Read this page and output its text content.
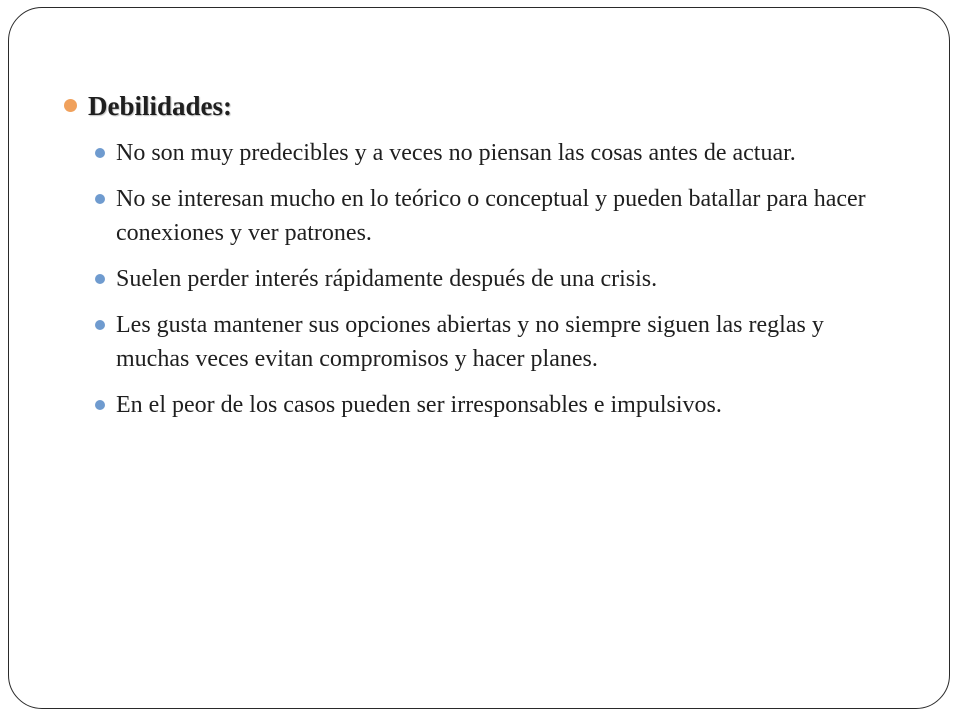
Debilidades:
No son muy predecibles y a veces no piensan las cosas antes de actuar.
No se interesan mucho en lo teórico o conceptual y pueden batallar para hacer conexiones y ver patrones.
Suelen perder interés rápidamente después de una crisis.
Les gusta mantener sus opciones abiertas y no siempre siguen las reglas y muchas veces evitan compromisos y hacer planes.
En el peor de los casos pueden ser irresponsables e impulsivos.
